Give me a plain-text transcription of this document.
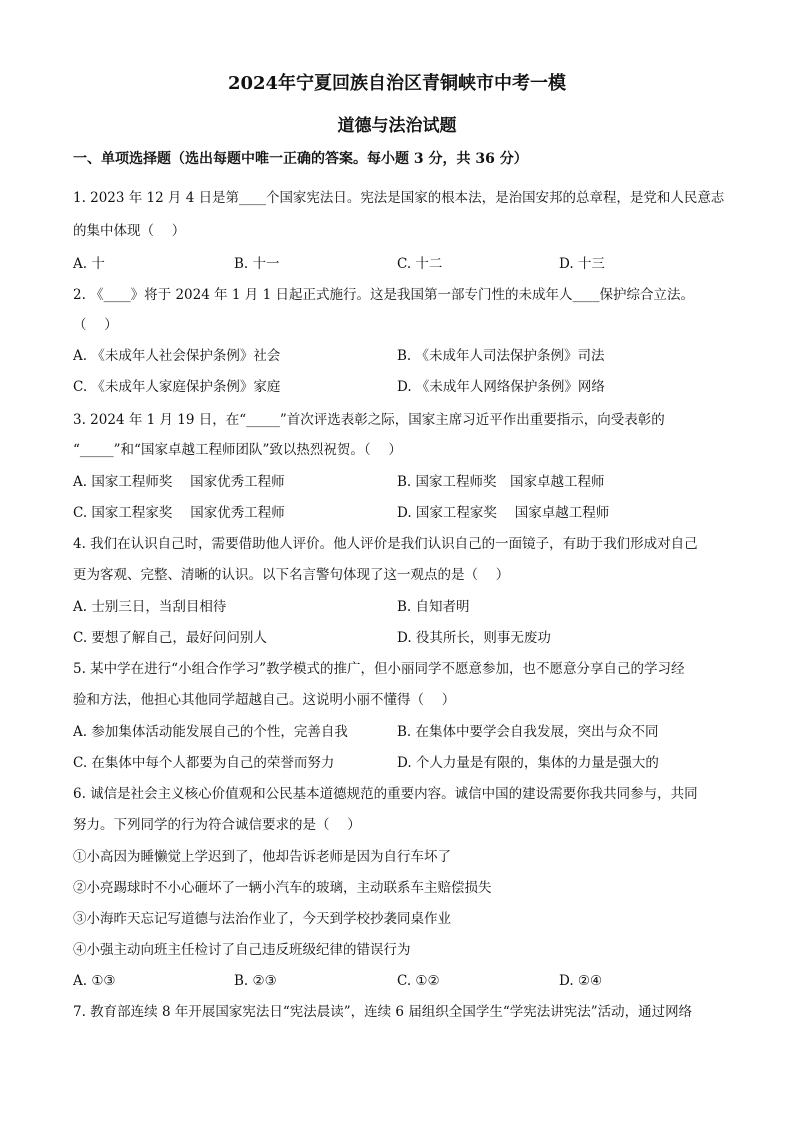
2024年宁夏回族自治区青铜峡市中考一模
道德与法治试题
一、单项选择题（选出每题中唯一正确的答案。每小题 3 分，共 36 分）
1. 2023 年 12 月 4 日是第____个国家宪法日。宪法是国家的根本法，是治国安邦的总章程，是党和人民意志
的集中体现（　 ）
A. 十	B. 十一	C. 十二	D. 十三
2. 《____》将于 2024 年 1 月 1 日起正式施行。这是我国第一部专门性的未成年人____保护综合立法。
（　 ）
A. 《未成年人社会保护条例》社会	B. 《未成年人司法保护条例》司法
C. 《未成年人家庭保护条例》家庭	D. 《未成年人网络保护条例》网络
3. 2024 年 1 月 19 日，在“_____”首次评选表彰之际，国家主席习近平作出重要指示，向受表彰的
“_____”和“国家卓越工程师团队”致以热烈祝贺。（　 ）
A. 国家工程师奖　 国家优秀工程师	B. 国家工程师奖　国家卓越工程师
C. 国家工程家奖　 国家优秀工程师	D. 国家工程家奖　 国家卓越工程师
4. 我们在认识自己时，需要借助他人评价。他人评价是我们认识自己的一面镜子，有助于我们形成对自己
更为客观、完整、清晰的认识。以下名言警句体现了这一观点的是（　 ）
A. 士别三日，当刮目相待	B. 自知者明
C. 要想了解自己，最好问问别人	D. 役其所长，则事无废功
5. 某中学在进行“小组合作学习”教学模式的推广，但小丽同学不愿意参加，也不愿意分享自己的学习经
验和方法，他担心其他同学超越自己。这说明小丽不懂得（　 ）
A. 参加集体活动能发展自己的个性，完善自我	B. 在集体中要学会自我发展，突出与众不同
C. 在集体中每个人都要为自己的荣誉而努力	D. 个人力量是有限的，集体的力量是强大的
6. 诚信是社会主义核心价值观和公民基本道德规范的重要内容。诚信中国的建设需要你我共同参与，共同
努力。下列同学的行为符合诚信要求的是（　 ）
①小高因为睡懒觉上学迟到了，他却告诉老师是因为自行车坏了
②小亮踢球时不小心砸坏了一辆小汽车的玻璃，主动联系车主赔偿损失
③小海昨天忘记写道德与法治作业了，今天到学校抄袭同桌作业
④小强主动向班主任检讨了自己违反班级纪律的错误行为
A. ①③	B. ②③	C. ①②	D. ②④
7. 教育部连续 8 年开展国家宪法日“宪法晨读”，连续 6 届组织全国学生“学宪法讲宪法”活动，通过网络
